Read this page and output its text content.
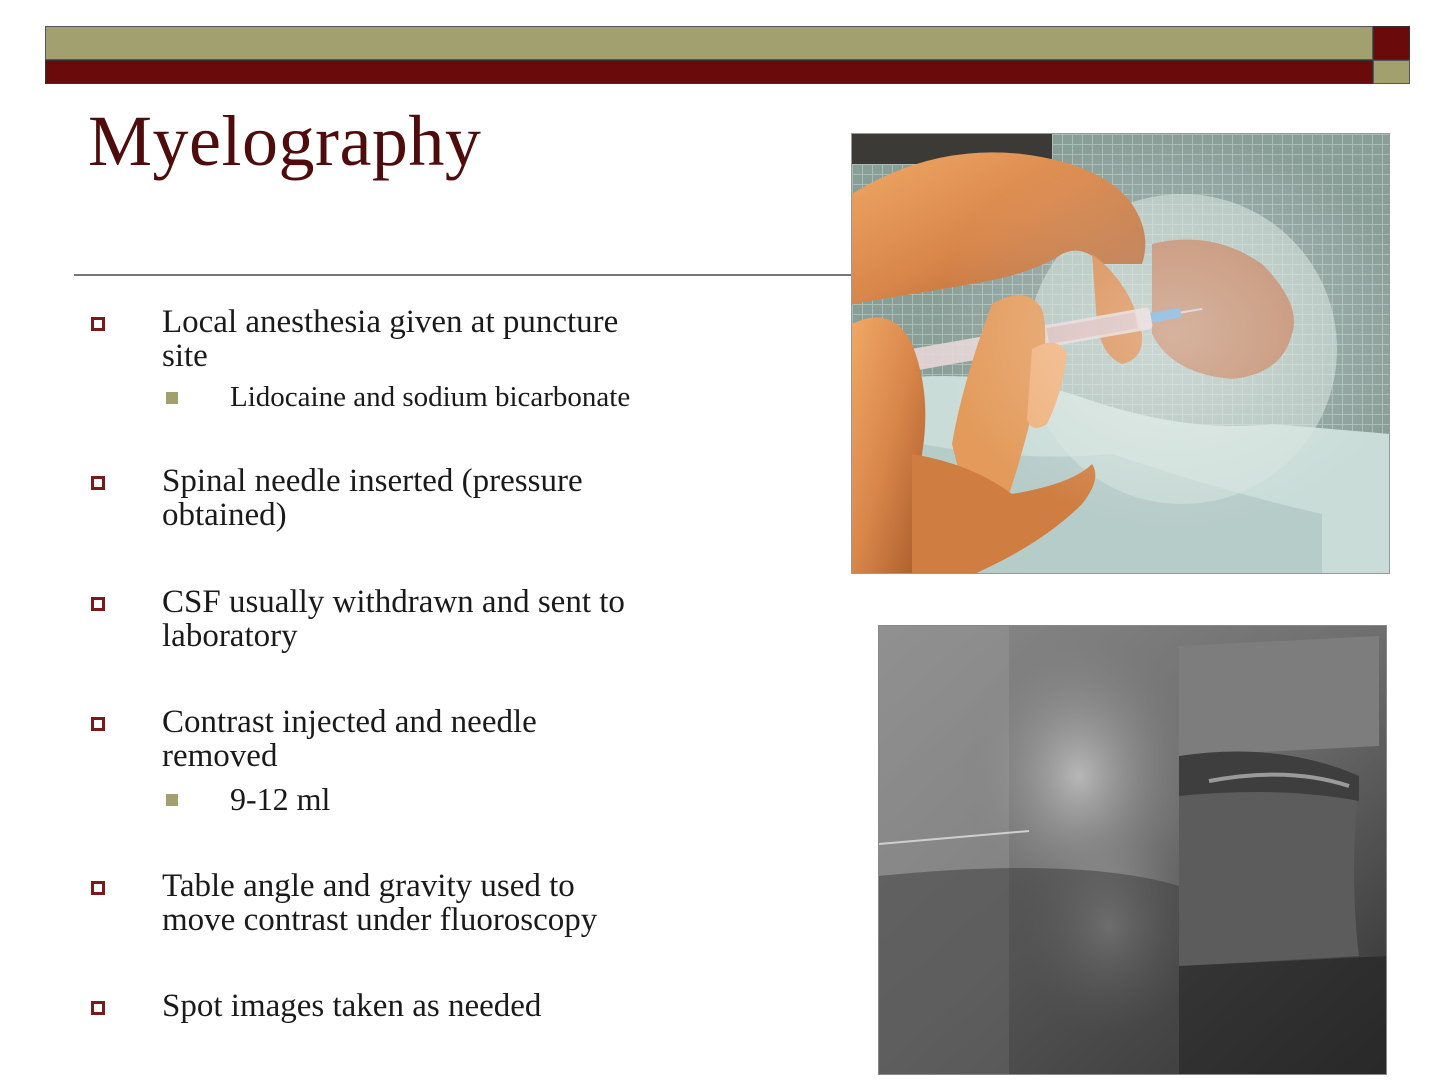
Myelography
Local anesthesia given at puncture
site
Lidocaine and sodium bicarbonate
Spinal needle inserted (pressure
obtained)
CSF usually withdrawn and sent to
laboratory
Contrast injected and needle
removed
9-12 ml
Table angle and gravity used to
move contrast under fluoroscopy
Spot images taken as needed
